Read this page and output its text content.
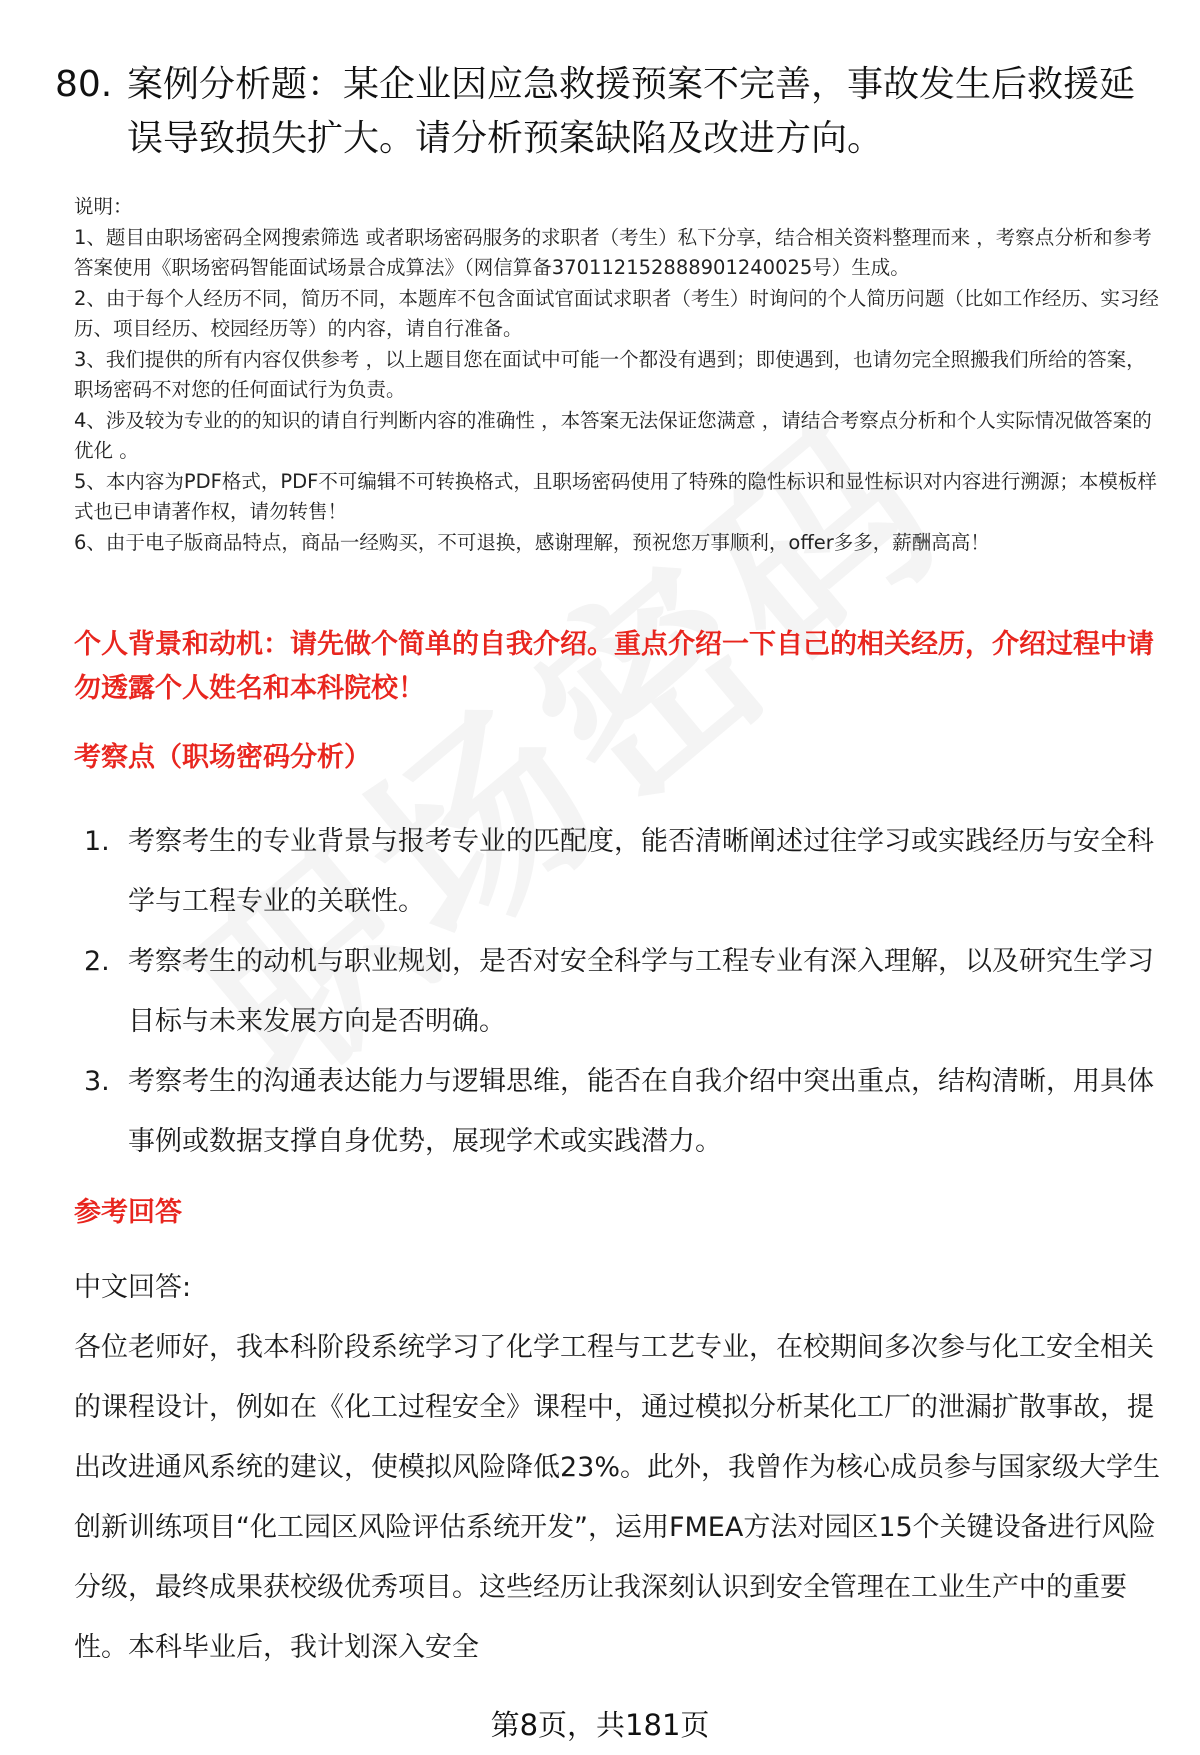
80. 案例分析题：某企业因应急救援预案不完善，事故发生后救援延误导致损失扩大。请分析预案缺陷及改进方向。

说明：

1、题目由职场密码全网搜索筛选 或者职场密码服务的求职者（考生）私下分享，结合相关资料整理而来 ，考察点分析和参考答案使用《职场密码智能面试场景合成算法》（网信算备37011215288890124002​5号）生成。

2、由于每个人经历不同，简历不同，本题库不包含面试官面试求职者（考生）时询问的个人简历问题（比如工作经历、实习经历、项目经历、校园经历等）的内容，请自行准备。

3、我们提供的所有内容仅供参考 ，以上题目您在面试中可能一个都没有遇到；即使遇到，也请勿完全照搬我们所给的答案，职场密码不对您的任何面试行为负责。

4、涉及较为专业的的知识的请自行判断内容的准确性 ，本答案无法保证您满意 ，请结合考察点分析和个人实际情况做答案的优化 。

5、本内容为PDF格式，PDF不可编辑不可转换格式，且职场密码使用了特殊的隐性标识和显性标识对内容进行溯源；本模板样式也已申请著作权，请勿转售！

6、由于电子版商品特点，商品一经购买，不可退换，感谢理解，预祝您万事顺利，offer多多，薪酬高高！

个人背景和动机：请先做个简单的自我介绍。重点介绍一下自己的相关经历，介绍过程中请勿透露个人姓名和本科院校！
考察点（职场密码分析）
1. 考察考生的专业背景与报考专业的匹配度，能否清晰阐述过往学习或实践经历与安全科学与工程专业的关联性。
2. 考察考生的动机与职业规划，是否对安全科学与工程专业有深入理解，以及研究生学习目标与未来发展方向是否明确。
3. 考察考生的沟通表达能力与逻辑思维，能否在自我介绍中突出重点，结构清晰，用具体事例或数据支撑自身优势，展现学术或实践潜力。
参考回答

中文回答:

各位老师好，我本科阶段系统学习了化学工程与工艺专业，在校期间多次参与化工安全相关的课程设计，例如在《化工过程安全》课程中，通过模拟分析某化工厂的泄漏扩散事故，提出改进通风系统的建议，使模拟风险降低23%。此外，我曾作为核心成员参与国家级大学生创新训练项目“化工园区风险评估系统开发”，运用FMEA方法对园区15个关键设备进行风险分级，最终成果获校级优秀项目。这些经历让我深刻认识到安全管理在工业生产中的重要性。本科毕业后，我计划深入安全

第8页，共181页
